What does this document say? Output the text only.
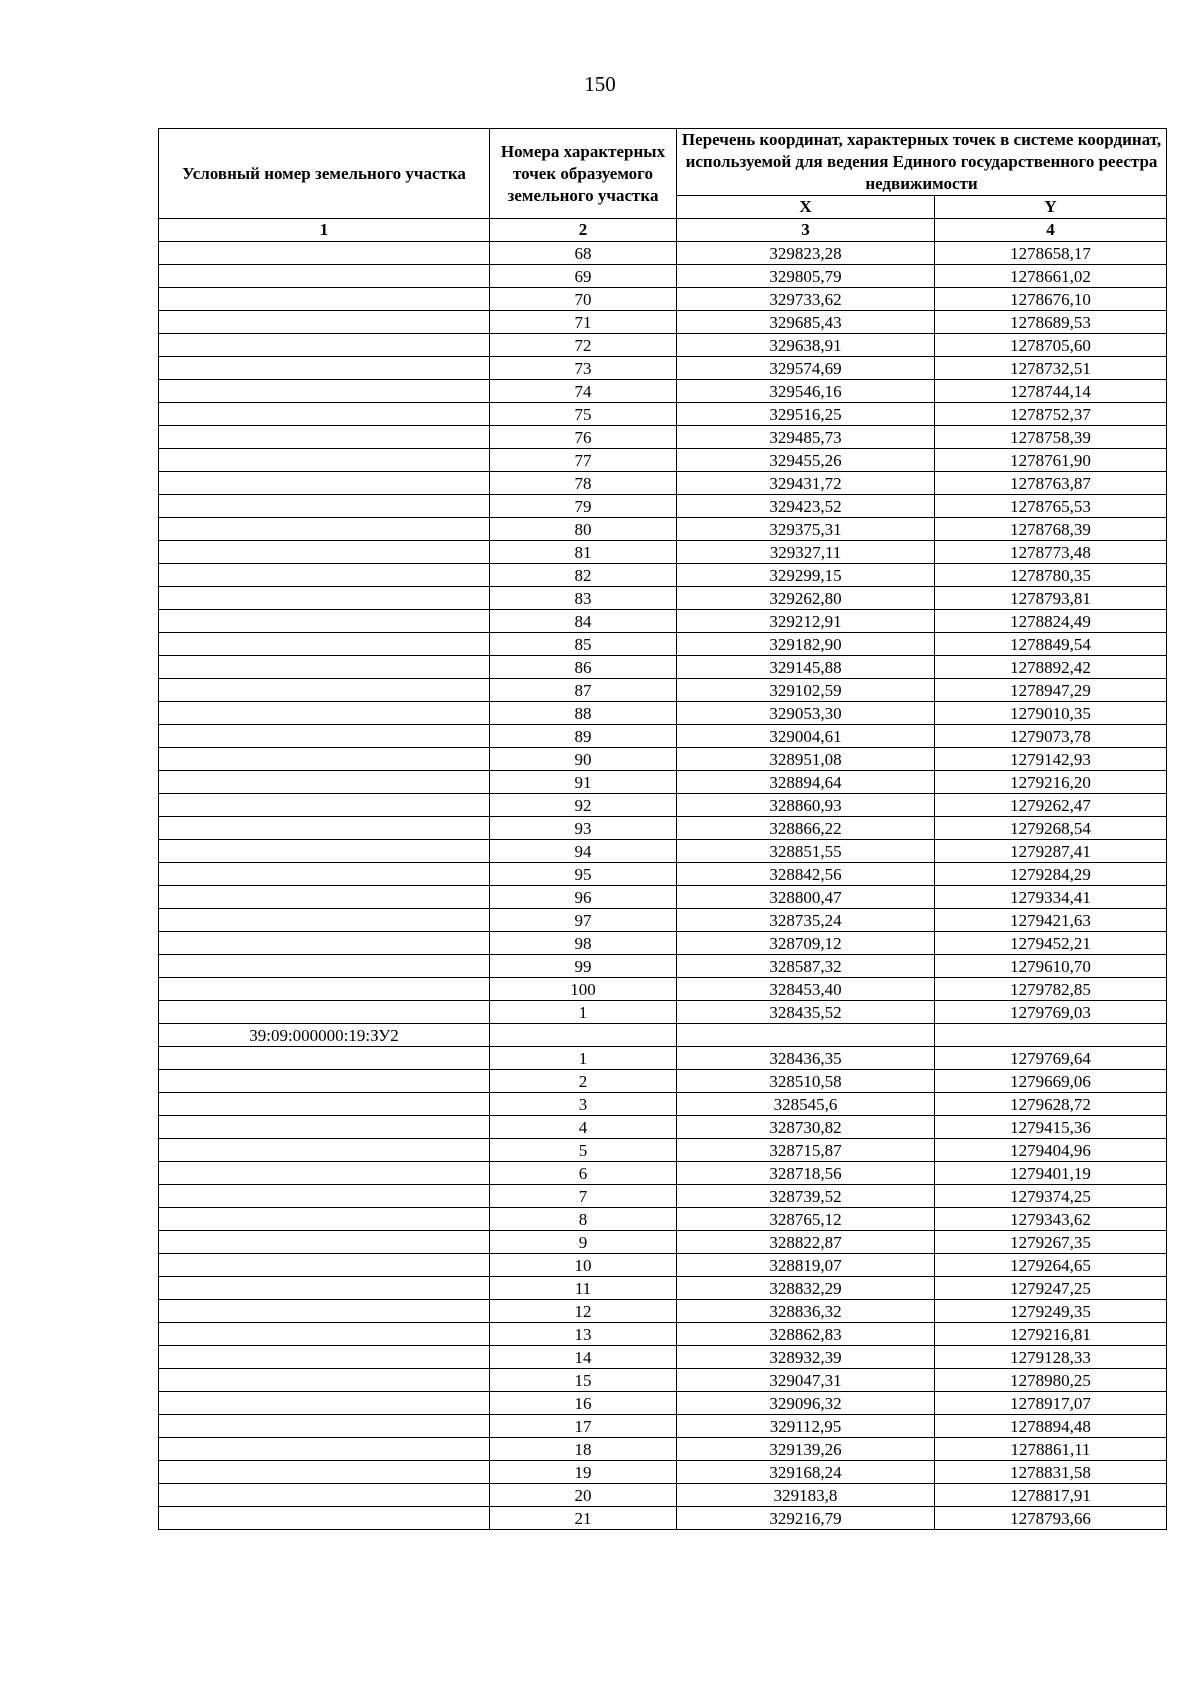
150
Условный номер земельного участка	Номера характерных точек образуемого земельного участка	Перечень координат, характерных точек в системе координат, используемой для ведения Единого государственного реестра недвижимости	
		X	Y
1	2	3	4
	68	329823,28	1278658,17
	69	329805,79	1278661,02
	70	329733,62	1278676,10
	71	329685,43	1278689,53
	72	329638,91	1278705,60
	73	329574,69	1278732,51
	74	329546,16	1278744,14
	75	329516,25	1278752,37
	76	329485,73	1278758,39
	77	329455,26	1278761,90
	78	329431,72	1278763,87
	79	329423,52	1278765,53
	80	329375,31	1278768,39
	81	329327,11	1278773,48
	82	329299,15	1278780,35
	83	329262,80	1278793,81
	84	329212,91	1278824,49
	85	329182,90	1278849,54
	86	329145,88	1278892,42
	87	329102,59	1278947,29
	88	329053,30	1279010,35
	89	329004,61	1279073,78
	90	328951,08	1279142,93
	91	328894,64	1279216,20
	92	328860,93	1279262,47
	93	328866,22	1279268,54
	94	328851,55	1279287,41
	95	328842,56	1279284,29
	96	328800,47	1279334,41
	97	328735,24	1279421,63
	98	328709,12	1279452,21
	99	328587,32	1279610,70
	100	328453,40	1279782,85
	1	328435,52	1279769,03
39:09:000000:19:ЗУ2			
	1	328436,35	1279769,64
	2	328510,58	1279669,06
	3	328545,6	1279628,72
	4	328730,82	1279415,36
	5	328715,87	1279404,96
	6	328718,56	1279401,19
	7	328739,52	1279374,25
	8	328765,12	1279343,62
	9	328822,87	1279267,35
	10	328819,07	1279264,65
	11	328832,29	1279247,25
	12	328836,32	1279249,35
	13	328862,83	1279216,81
	14	328932,39	1279128,33
	15	329047,31	1278980,25
	16	329096,32	1278917,07
	17	329112,95	1278894,48
	18	329139,26	1278861,11
	19	329168,24	1278831,58
	20	329183,8	1278817,91
	21	329216,79	1278793,66
